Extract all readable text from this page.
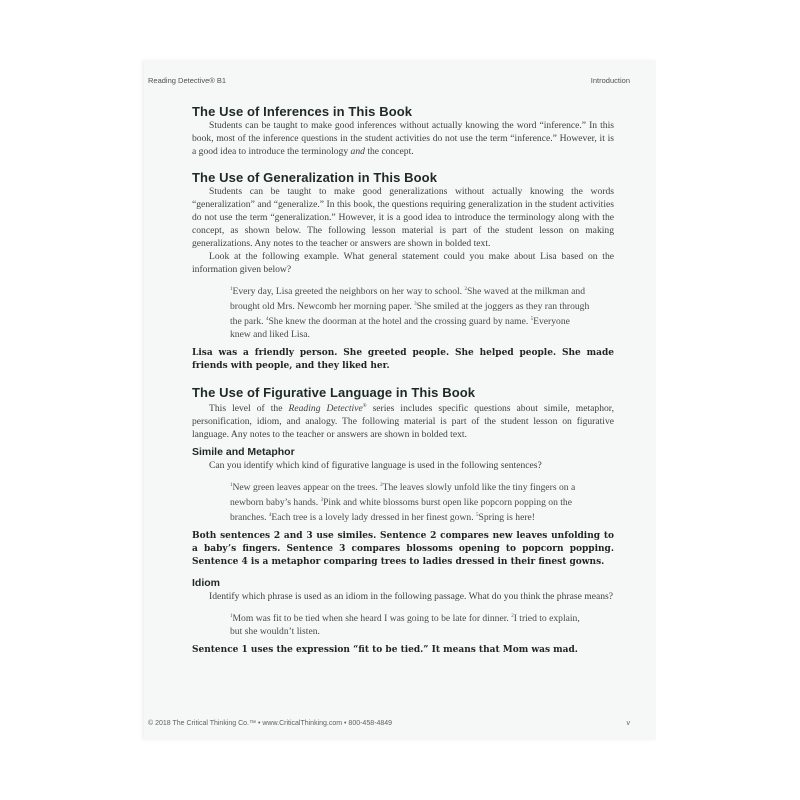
Reading Detective® B1	Introduction
The Use of Inferences in This Book

Students can be taught to make good inferences without actually knowing the word “inference.” In this book, most of the inference questions in the student activities do not use the term “inference.” However, it is a good idea to introduce the terminology and the concept.

The Use of Generalization in This Book

Students can be taught to make good generalizations without actually knowing the words “generalization” and “generalize.” In this book, the questions requiring generalization in the student activities do not use the term “generalization.” However, it is a good idea to introduce the terminology along with the concept, as shown below. The following lesson material is part of the student lesson on making generalizations. Any notes to the teacher or answers are shown in bolded text.

Look at the following example. What general statement could you make about Lisa based on the information given below?

$^1$Every day, Lisa greeted the neighbors on her way to school. $^2$She waved at the milkman and brought old Mrs. Newcomb her morning paper. $^3$She smiled at the joggers as they ran through the park. $^4$She knew the doorman at the hotel and the crossing guard by name. $^5$Everyone knew and liked Lisa.

Lisa was a friendly person. She greeted people. She helped people. She made friends with people, and they liked her.

The Use of Figurative Language in This Book

This level of the Reading Detective® series includes specific questions about simile, metaphor, personification, idiom, and analogy. The following material is part of the student lesson on figurative language. Any notes to the teacher or answers are shown in bolded text.

Simile and Metaphor

Can you identify which kind of figurative language is used in the following sentences?

$^1$New green leaves appear on the trees. $^2$The leaves slowly unfold like the tiny fingers on a newborn baby’s hands. $^3$Pink and white blossoms burst open like popcorn popping on the branches. $^4$Each tree is a lovely lady dressed in her finest gown. $^5$Spring is here!

Both sentences 2 and 3 use similes. Sentence 2 compares new leaves unfolding to a baby’s fingers. Sentence 3 compares blossoms opening to popcorn popping. Sentence 4 is a metaphor comparing trees to ladies dressed in their finest gowns.

Idiom

Identify which phrase is used as an idiom in the following passage. What do you think the phrase means?

$^1$Mom was fit to be tied when she heard I was going to be late for dinner. $^2$I tried to explain, but she wouldn’t listen.

Sentence 1 uses the expression “fit to be tied.” It means that Mom was mad.

© 2018 The Critical Thinking Co.™ • www.CriticalThinking.com • 800-458-4849	v
